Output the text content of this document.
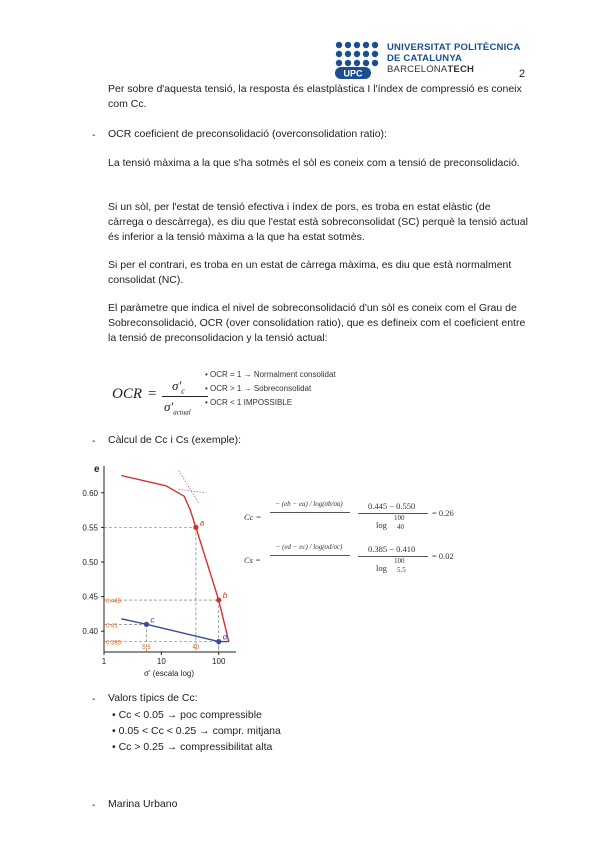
UPC
UNIVERSITAT POLITÈCNICA
DE CATALUNYA
BARCELONATECH	2
Per sobre d'aquesta tensió, la resposta és elastplàstica I l'índex de compressió es coneix com Cc.
- OCR coeficient de preconsolidació (overconsolidation ratio):
La tensió màxima a la que s'ha sotmès el sòl es coneix com a tensió de preconsolidació.
Si un sòl, per l'estat de tensió efectiva i índex de pors, es troba en estat elàstic (de càrrega o descàrrega), es diu que l'estat està sobreconsolidat (SC) perquè la tensió actual és inferior a la tensió màxima a la que ha estat sotmès.
Si per el contrari, es troba en un estat de càrrega màxima, es diu que està normalment consolidat (NC).
El paràmetre que indica el nivel de sobreconsolidació d'un sòl es coneix com el Grau de Sobreconsolidació, OCR (over consolidation ratio), que es defineix com el coeficient entre la tensió de preconsolidacion y la tensió actual:
OCR =
$\sigma'_c$
$\sigma'_{actual}$
• OCR = 1 → Normalment consolidat
• OCR > 1 → Sobreconsolidat
• OCR < 1 IMPOSSIBLE
- Càlcul de Cc i Cs (exemple):
e
σ' (escala log)
0.40
0.45
0.50
0.55
0.60
1	10	100
a
b
c
d
0.445
0.41
0.385
5.5	40
Cc =
− (eb − ea) / log(σb/σa)	0.445 − 0.550
log
100
40
= 0.26
Cs =
− (ed − ec) / log(σd/σc)	0.385 − 0.410
log
100
5.5
= 0.02
- Valors típics de Cc:
• Cc < 0.05 → poc compressible
• 0.05 < Cc < 0.25 → compr. mitjana
• Cc > 0.25 → compressibilitat alta
- Marina Urbano
